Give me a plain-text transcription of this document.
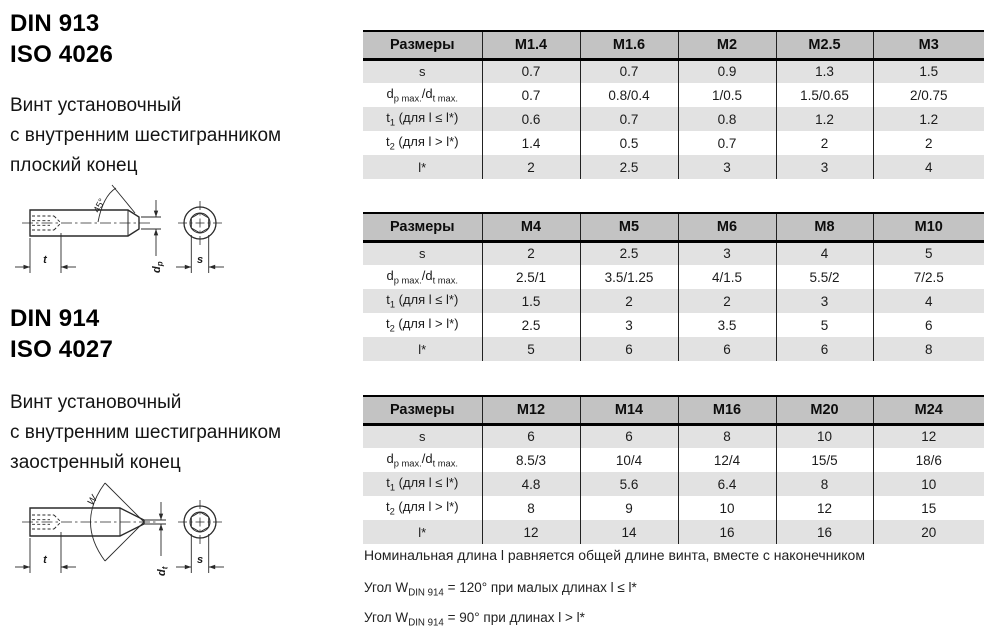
DIN 913
ISO 4026
Винт установочный
с внутренним шестигранником
плоский конец
45°
t
$d_p$	s
DIN 914
ISO 4027
Винт установочный
с внутренним шестигранником
заостренный конец
W
t
$d_t$
s
Размеры	M1.4	M1.6	M2	M2.5	M3
s	0.7	0.7	0.9	1.3	1.5
$d_{p max.}/d_{t max.}$	0.7	0.8/0.4	1/0.5	1.5/0.65	2/0.75
$t_1$ (для l ≤ l*)	0.6	0.7	0.8	1.2	1.2
$t_2$ (для l > l*)	1.4	0.5	0.7	2	2
l*	2	2.5	3	3	4
Размеры	M4	M5	M6	M8	M10
s	2	2.5	3	4	5
$d_{p max.}/d_{t max.}$	2.5/1	3.5/1.25	4/1.5	5.5/2	7/2.5
$t_1$ (для l ≤ l*)	1.5	2	2	3	4
$t_2$ (для l > l*)	2.5	3	3.5	5	6
l*	5	6	6	6	8
Размеры	M12	M14	M16	M20	M24
s	6	6	8	10	12
$d_{p max.}/d_{t max.}$	8.5/3	10/4	12/4	15/5	18/6
$t_1$ (для l ≤ l*)	4.8	5.6	6.4	8	10
$t_2$ (для l > l*)	8	9	10	12	15
l*	12	14	16	16	20

Номинальная длина l равняется общей длине винта, вместе с наконечником

Угол $W_{DIN 914} = 120^\circ$ при малых длинах l ≤ l*

Угол $W_{DIN 914} = 90^\circ$ при длинах l > l*
